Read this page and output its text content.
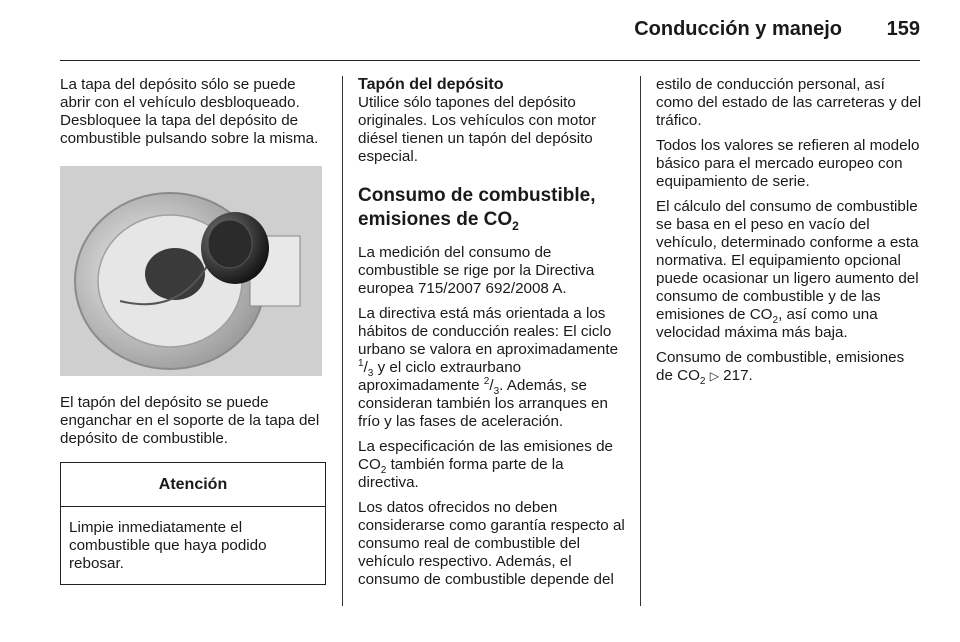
Conducción y manejo 159

La tapa del depósito sólo se puede abrir con el vehículo desbloqueado. Desbloquee la tapa del depósito de combustible pulsando sobre la misma.

El tapón del depósito se puede enganchar en el soporte de la tapa del depósito de combustible.

Atención
Limpie inmediatamente el combustible que haya podido rebosar.
Tapón del depósito

Utilice sólo tapones del depósito originales. Los vehículos con motor diésel tienen un tapón del depósito especial.

Consumo de combustible,
emisiones de $CO_2$

La medición del consumo de combustible se rige por la Directiva europea 715/2007 692/2008 A.

La directiva está más orientada a los hábitos de conducción reales: El ciclo urbano se valora en aproximadamente $^1/_3$ y el ciclo extraurbano aproximadamente $^2/_3$. Además, se consideran también los arranques en frío y las fases de aceleración.

La especificación de las emisiones de $CO_2$ también forma parte de la directiva.

Los datos ofrecidos no deben considerarse como garantía respecto al consumo real de combustible del vehículo respectivo. Además, el consumo de combustible depende del

estilo de conducción personal, así como del estado de las carreteras y del tráfico.

Todos los valores se refieren al modelo básico para el mercado europeo con equipamiento de serie.

El cálculo del consumo de combustible se basa en el peso en vacío del vehículo, determinado conforme a esta normativa. El equipamiento opcional puede ocasionar un ligero aumento del consumo de combustible y de las emisiones de $CO_2$, así como una velocidad máxima más baja.

Consumo de combustible, emisiones de $CO_2$ ▷ 217.
